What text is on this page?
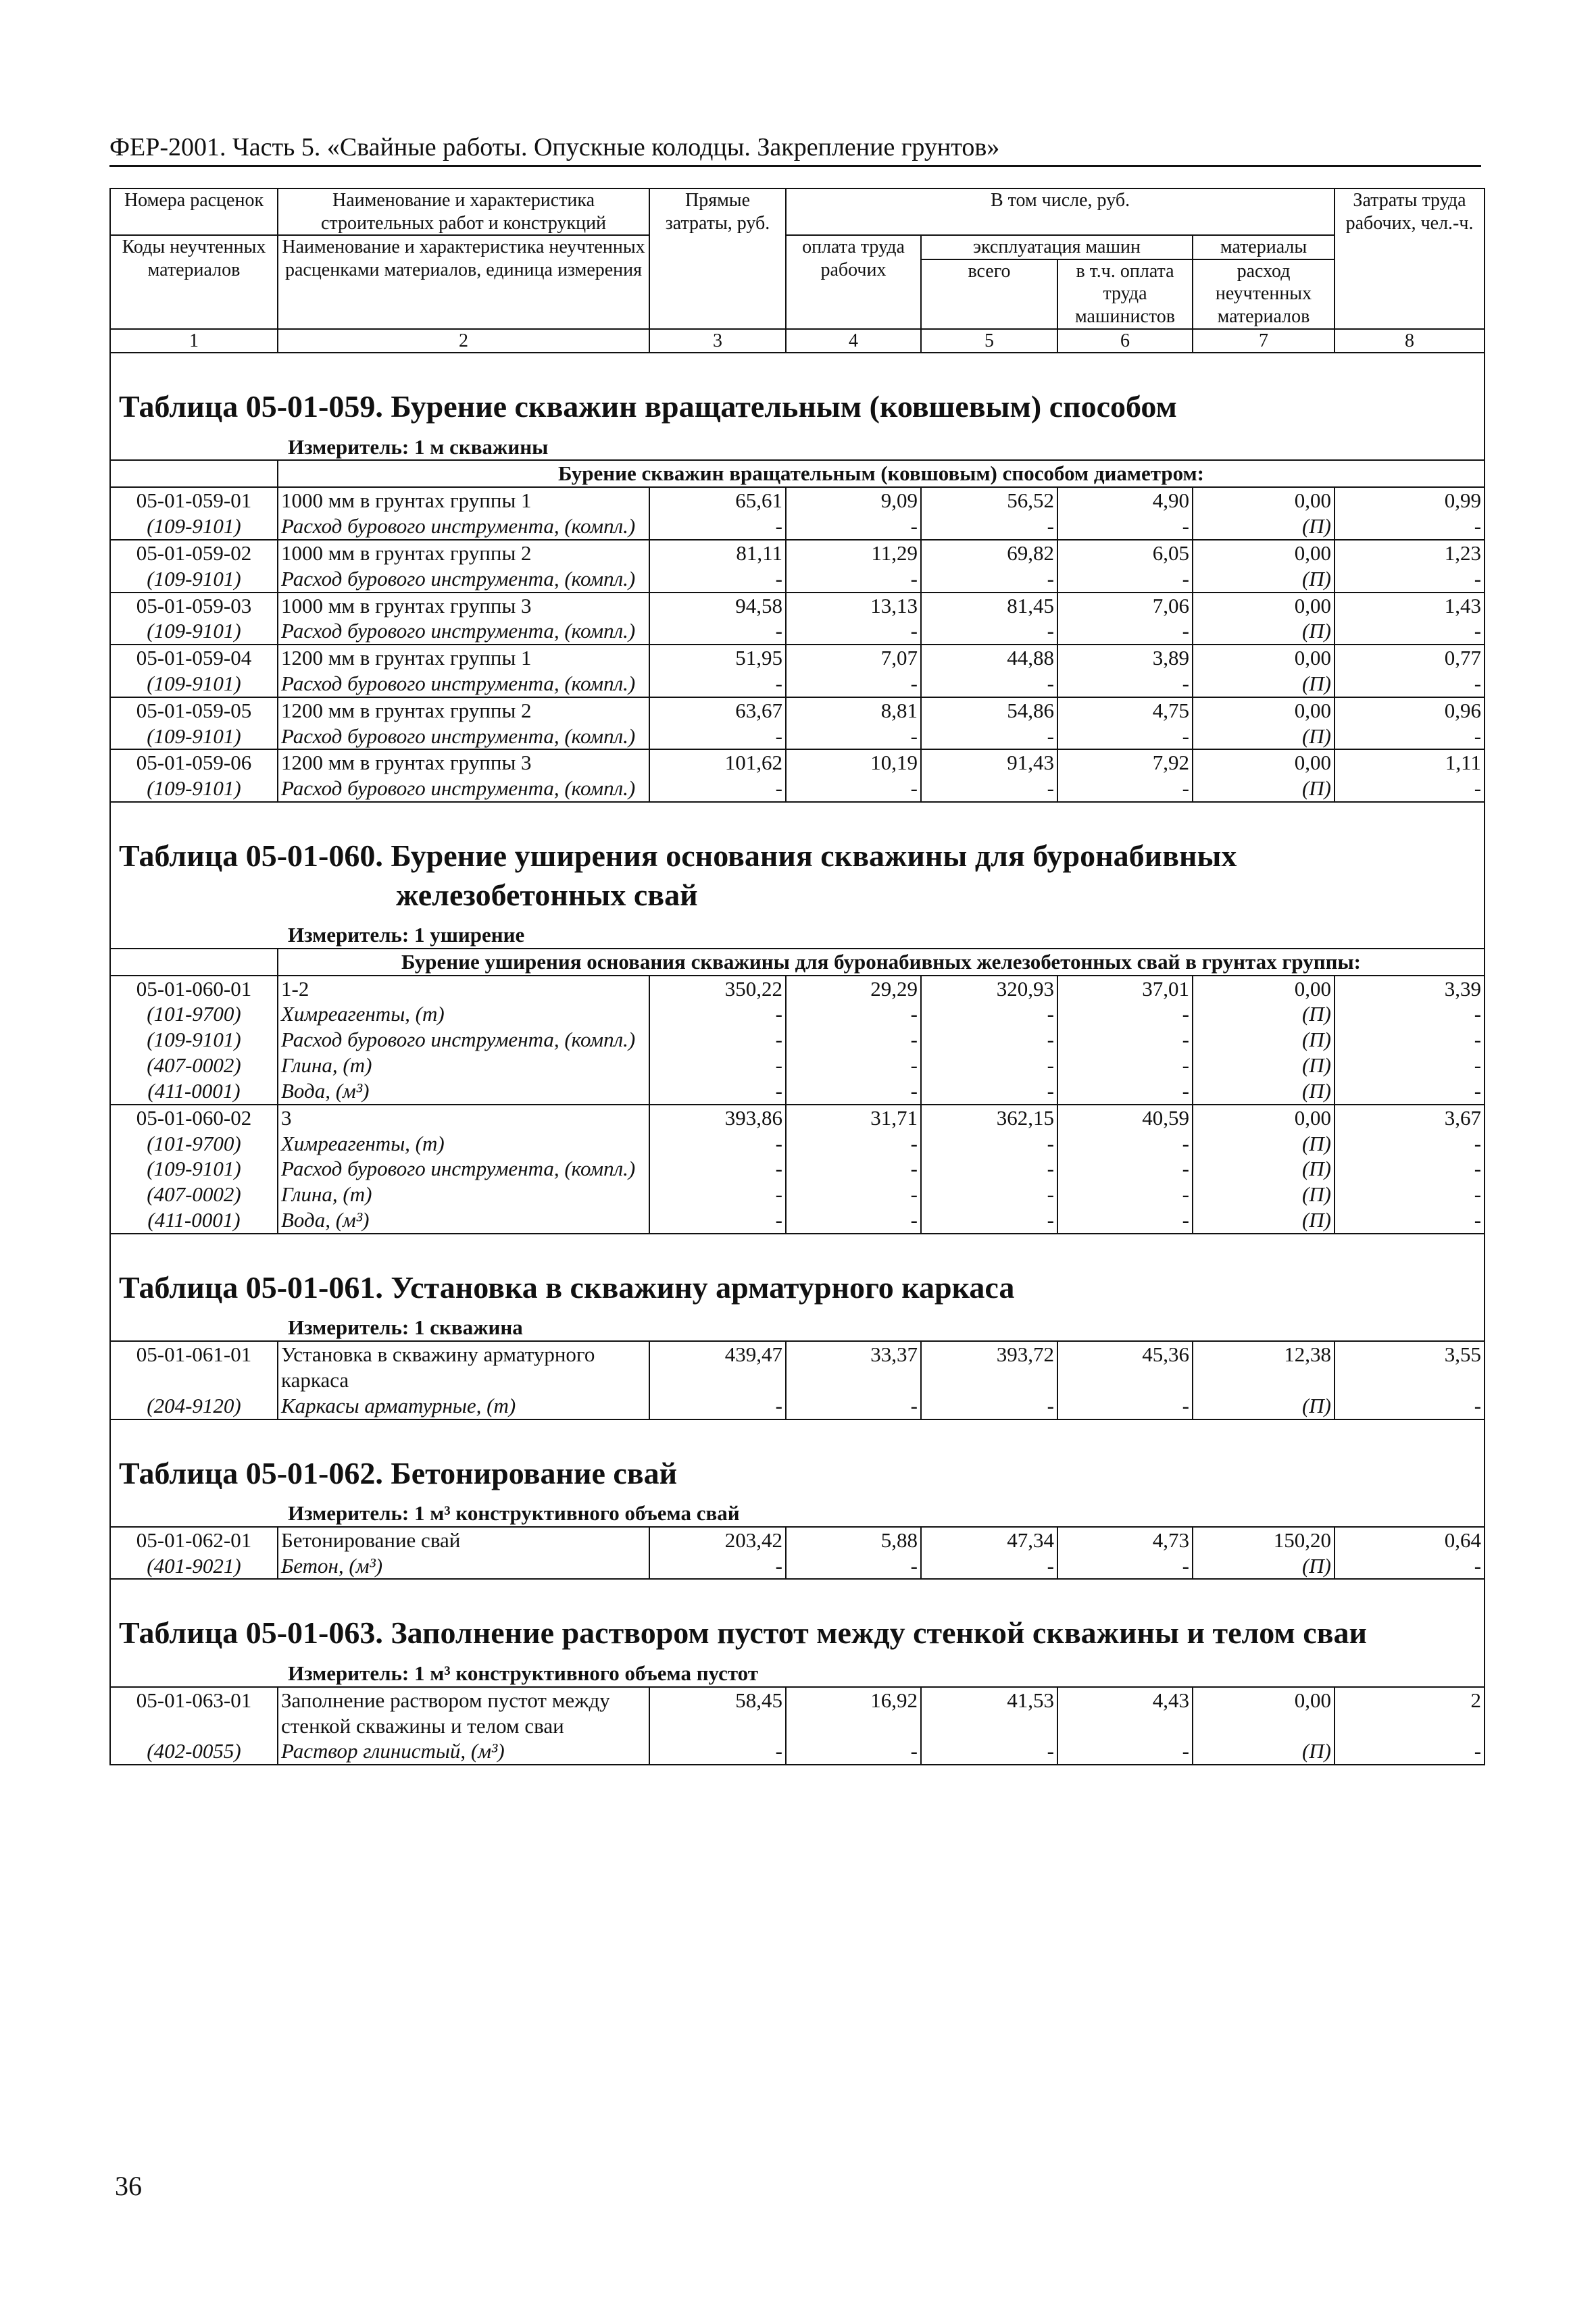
ФЕР-2001. Часть 5. «Свайные работы. Опускные колодцы. Закрепление грунтов»
Номера расценок	Наименование и характеристика строительных работ и конструкций	Прямые затраты, руб.	В том числе, руб.				Затраты труда рабочих, чел.-ч.
Коды неучтенных материалов	Наименование и характеристика неучтенных расценками материалов, единица измерения		оплата труда рабочих	эксплуатация машин		материалы	
				всего	в т.ч. оплата труда машинистов	расход неучтенных материалов	
1	2	3	4	5	6	7	8

Таблица 05-01-059. Бурение скважин вращательным (ковшевым) способом							

Измеритель: 1 м скважины							
	Бурение скважин вращательным (ковшовым) способом диаметром:						
05-01-059-01	1000 мм в грунтах группы 1	65,61	9,09	56,52	4,90	0,00	0,99
(109-9101)	Расход бурового инструмента, (компл.)	-	-	-	-	(П)	-
05-01-059-02	1000 мм в грунтах группы 2	81,11	11,29	69,82	6,05	0,00	1,23
(109-9101)	Расход бурового инструмента, (компл.)	-	-	-	-	(П)	-
05-01-059-03	1000 мм в грунтах группы 3	94,58	13,13	81,45	7,06	0,00	1,43
(109-9101)	Расход бурового инструмента, (компл.)	-	-	-	-	(П)	-
05-01-059-04	1200 мм в грунтах группы 1	51,95	7,07	44,88	3,89	0,00	0,77
(109-9101)	Расход бурового инструмента, (компл.)	-	-	-	-	(П)	-
05-01-059-05	1200 мм в грунтах группы 2	63,67	8,81	54,86	4,75	0,00	0,96
(109-9101)	Расход бурового инструмента, (компл.)	-	-	-	-	(П)	-
05-01-059-06	1200 мм в грунтах группы 3	101,62	10,19	91,43	7,92	0,00	1,11
(109-9101)	Расход бурового инструмента, (компл.)	-	-	-	-	(П)	-

Таблица 05-01-060. Бурение уширения основания скважины для буронабивных
железобетонных свай							

Измеритель: 1 уширение							
	Бурение уширения основания скважины для буронабивных железобетонных свай в грунтах группы:						
05-01-060-01	1-2	350,22	29,29	320,93	37,01	0,00	3,39
(101-9700)	Химреагенты, (т)	-	-	-	-	(П)	-
(109-9101)	Расход бурового инструмента, (компл.)	-	-	-	-	(П)	-
(407-0002)	Глина, (т)	-	-	-	-	(П)	-
(411-0001)	Вода, (м³)	-	-	-	-	(П)	-
05-01-060-02	3	393,86	31,71	362,15	40,59	0,00	3,67
(101-9700)	Химреагенты, (т)	-	-	-	-	(П)	-
(109-9101)	Расход бурового инструмента, (компл.)	-	-	-	-	(П)	-
(407-0002)	Глина, (т)	-	-	-	-	(П)	-
(411-0001)	Вода, (м³)	-	-	-	-	(П)	-

Таблица 05-01-061. Установка в скважину арматурного каркаса							

Измеритель: 1 скважина							
05-01-061-01	Установка в скважину арматурного каркаса	439,47	33,37	393,72	45,36	12,38	3,55
(204-9120)	Каркасы арматурные, (т)	-	-	-	-	(П)	-

Таблица 05-01-062. Бетонирование свай							

Измеритель: 1 м³ конструктивного объема свай							
05-01-062-01	Бетонирование свай	203,42	5,88	47,34	4,73	150,20	0,64
(401-9021)	Бетон, (м³)	-	-	-	-	(П)	-

Таблица 05-01-063. Заполнение раствором пустот между стенкой скважины и телом сваи							

Измеритель: 1 м³ конструктивного объема пустот							
05-01-063-01	Заполнение раствором пустот между стенкой скважины и телом сваи	58,45	16,92	41,53	4,43	0,00	2
(402-0055)	Раствор глинистый, (м³)	-	-	-	-	(П)	-
36
